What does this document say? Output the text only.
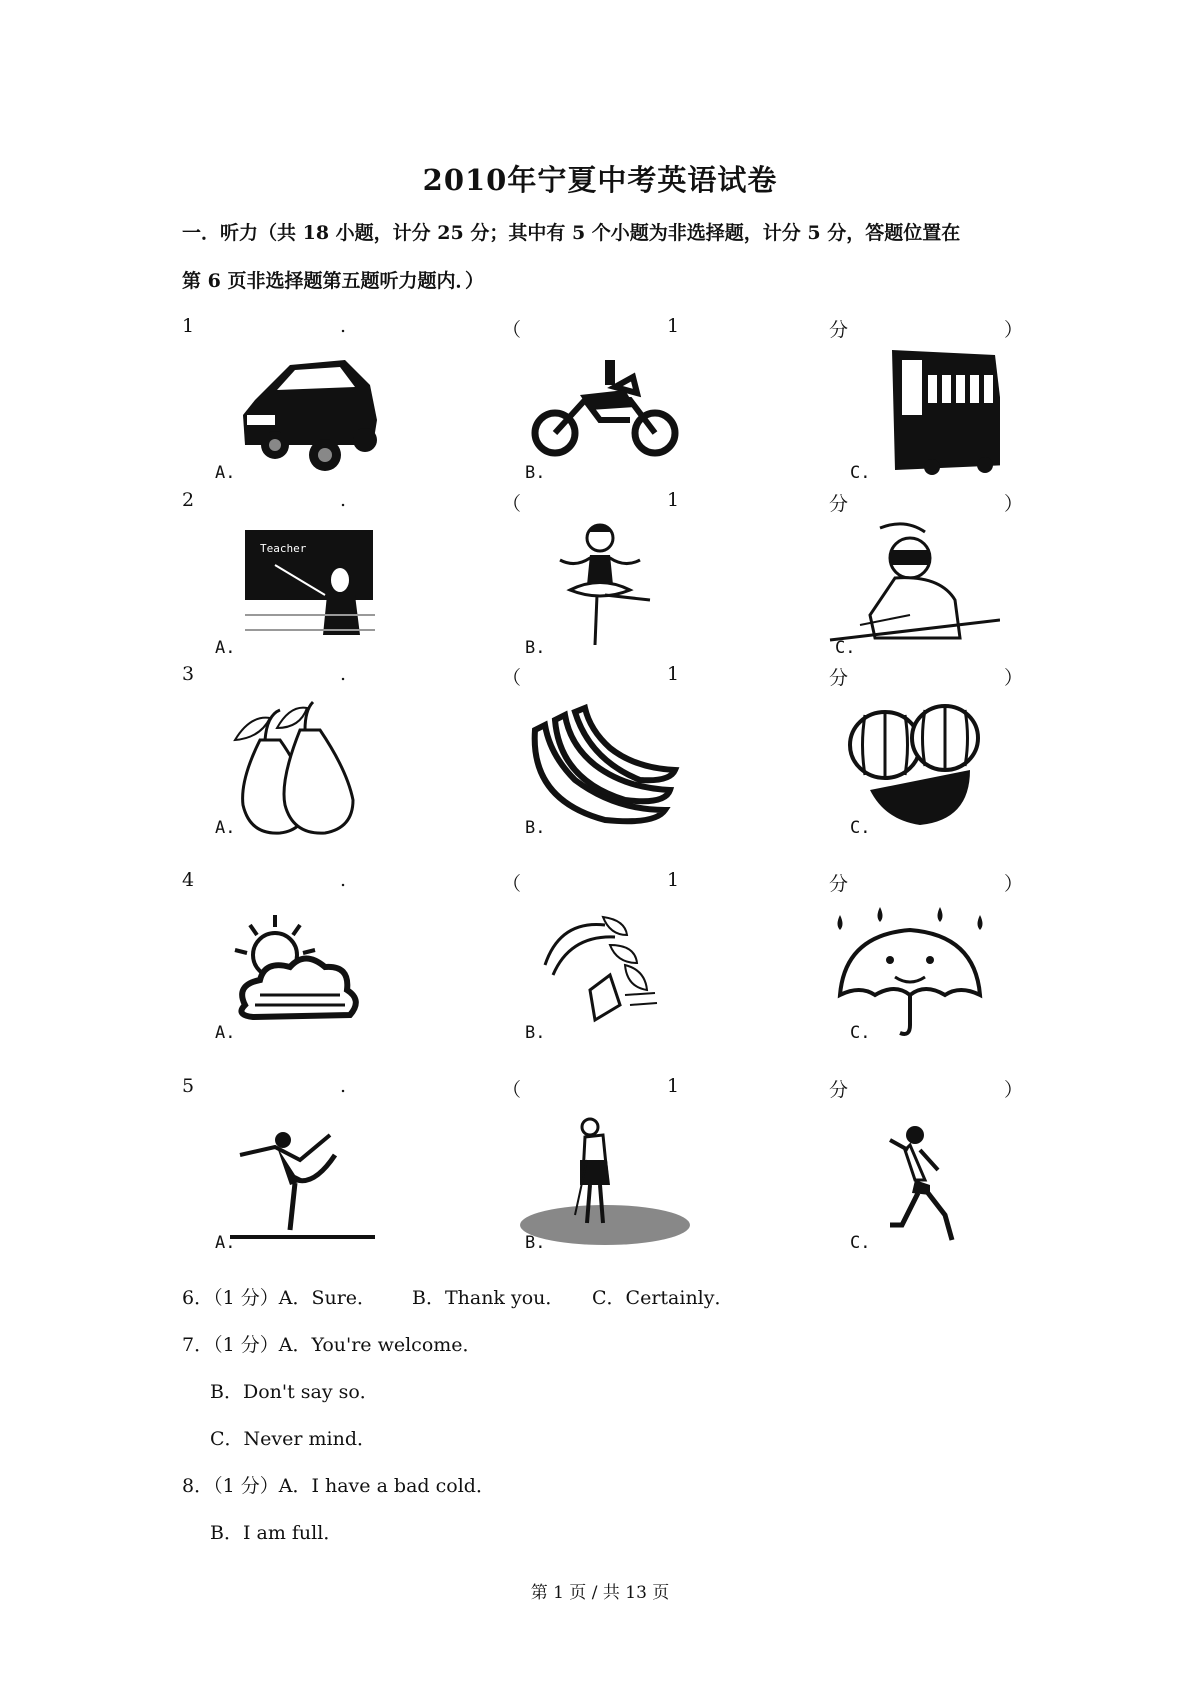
2010年宁夏中考英语试卷
一．听力（共 18 小题，计分 25 分；其中有 5 个小题为非选择题，计分 5 分，答题位置在
第 6 页非选择题第五题听力题内．）
1	.	（	1	分	）
2	.	（	1	分	）
3	.	（	1	分	）
4	.	（	1	分	）
5	.	（	1	分	）
A.	B.	C.
Teacher
A.	B.	C.
A.	B.	C.
A.	B.	C.
A.	B.	C.
6．（1 分）A．Sure． B．Thank you． C．Certainly．
7．（1 分）A．You're welcome．
B．Don't say so．
C．Never mind．
8．（1 分）A．I have a bad cold．
B．I am full．
第 1 页 / 共 13 页
